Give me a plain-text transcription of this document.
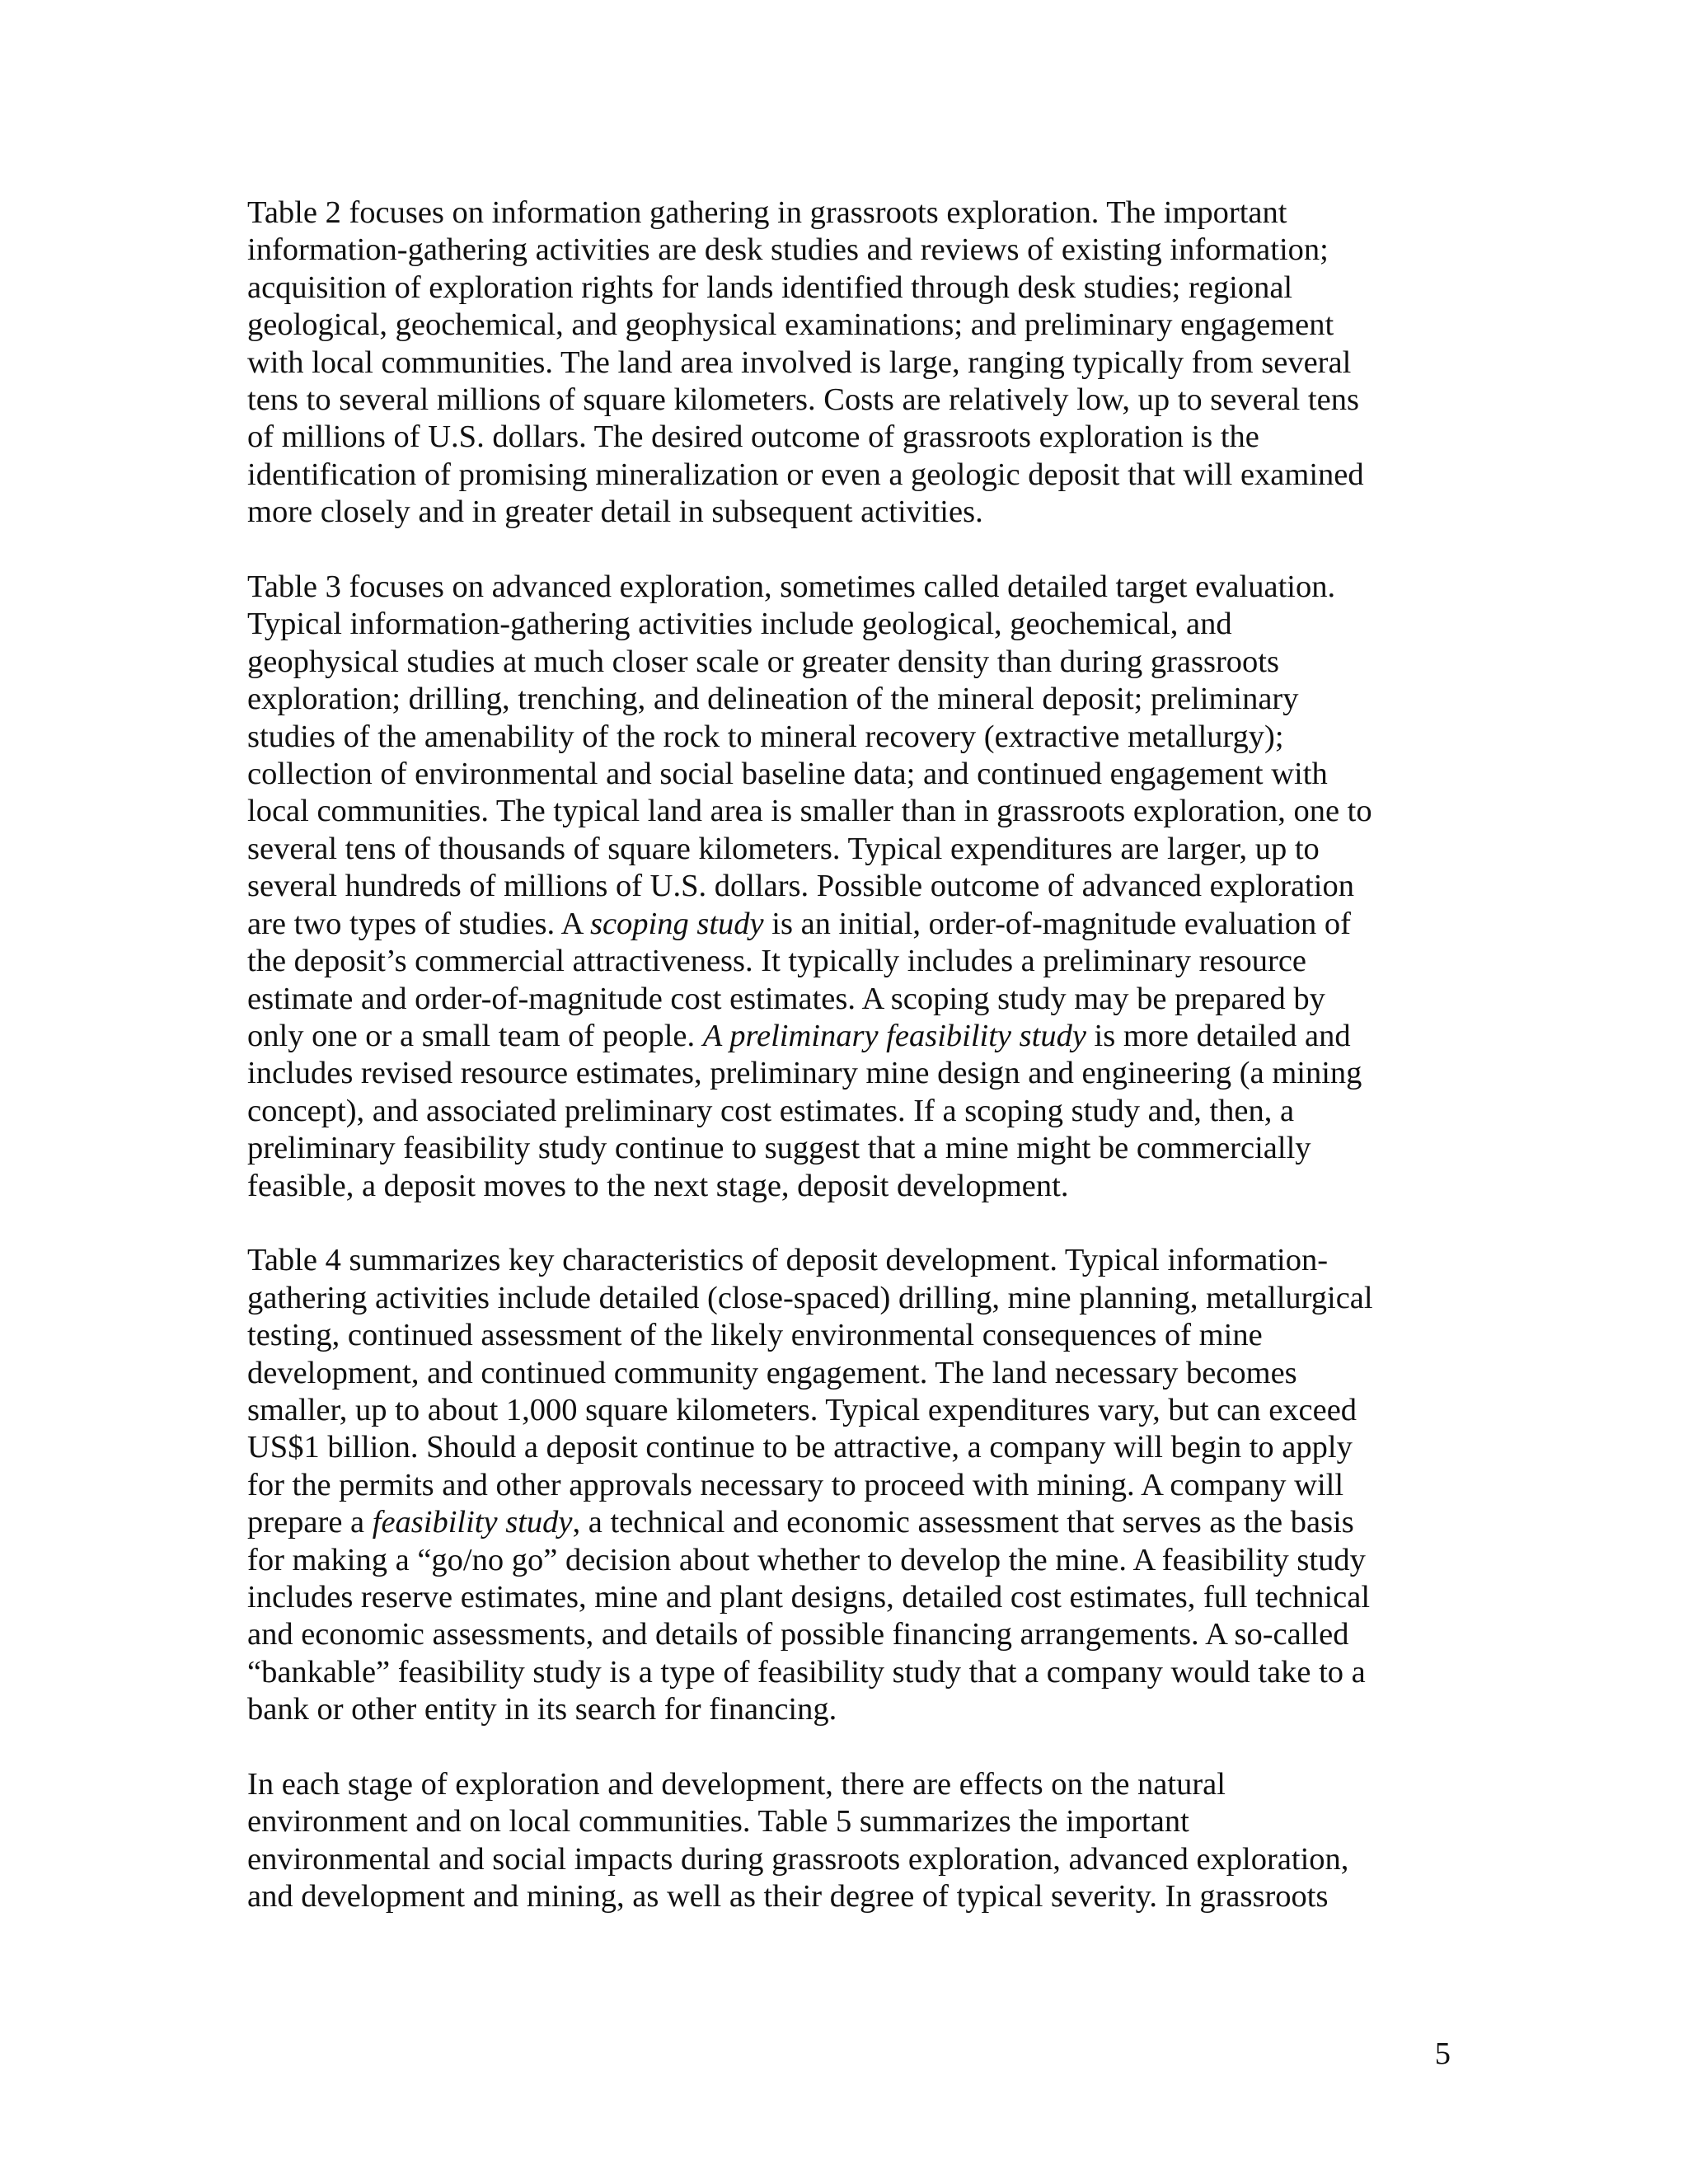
Table 2 focuses on information gathering in grassroots exploration. The important
information-gathering activities are desk studies and reviews of existing information;
acquisition of exploration rights for lands identified through desk studies; regional
geological, geochemical, and geophysical examinations; and preliminary engagement
with local communities. The land area involved is large, ranging typically from several
tens to several millions of square kilometers. Costs are relatively low, up to several tens
of millions of U.S. dollars. The desired outcome of grassroots exploration is the
identification of promising mineralization or even a geologic deposit that will examined
more closely and in greater detail in subsequent activities.

Table 3 focuses on advanced exploration, sometimes called detailed target evaluation.
Typical information-gathering activities include geological, geochemical, and
geophysical studies at much closer scale or greater density than during grassroots
exploration; drilling, trenching, and delineation of the mineral deposit; preliminary
studies of the amenability of the rock to mineral recovery (extractive metallurgy);
collection of environmental and social baseline data; and continued engagement with
local communities. The typical land area is smaller than in grassroots exploration, one to
several tens of thousands of square kilometers. Typical expenditures are larger, up to
several hundreds of millions of U.S. dollars. Possible outcome of advanced exploration
are two types of studies. A scoping study is an initial, order-of-magnitude evaluation of
the deposit’s commercial attractiveness. It typically includes a preliminary resource
estimate and order-of-magnitude cost estimates. A scoping study may be prepared by
only one or a small team of people. A preliminary feasibility study is more detailed and
includes revised resource estimates, preliminary mine design and engineering (a mining
concept), and associated preliminary cost estimates. If a scoping study and, then, a
preliminary feasibility study continue to suggest that a mine might be commercially
feasible, a deposit moves to the next stage, deposit development.

Table 4 summarizes key characteristics of deposit development. Typical information-
gathering activities include detailed (close-spaced) drilling, mine planning, metallurgical
testing, continued assessment of the likely environmental consequences of mine
development, and continued community engagement. The land necessary becomes
smaller, up to about 1,000 square kilometers. Typical expenditures vary, but can exceed
US$1 billion. Should a deposit continue to be attractive, a company will begin to apply
for the permits and other approvals necessary to proceed with mining. A company will
prepare a feasibility study, a technical and economic assessment that serves as the basis
for making a “go/no go” decision about whether to develop the mine. A feasibility study
includes reserve estimates, mine and plant designs, detailed cost estimates, full technical
and economic assessments, and details of possible financing arrangements. A so-called
“bankable” feasibility study is a type of feasibility study that a company would take to a
bank or other entity in its search for financing.

In each stage of exploration and development, there are effects on the natural
environment and on local communities. Table 5 summarizes the important
environmental and social impacts during grassroots exploration, advanced exploration,
and development and mining, as well as their degree of typical severity. In grassroots

5
